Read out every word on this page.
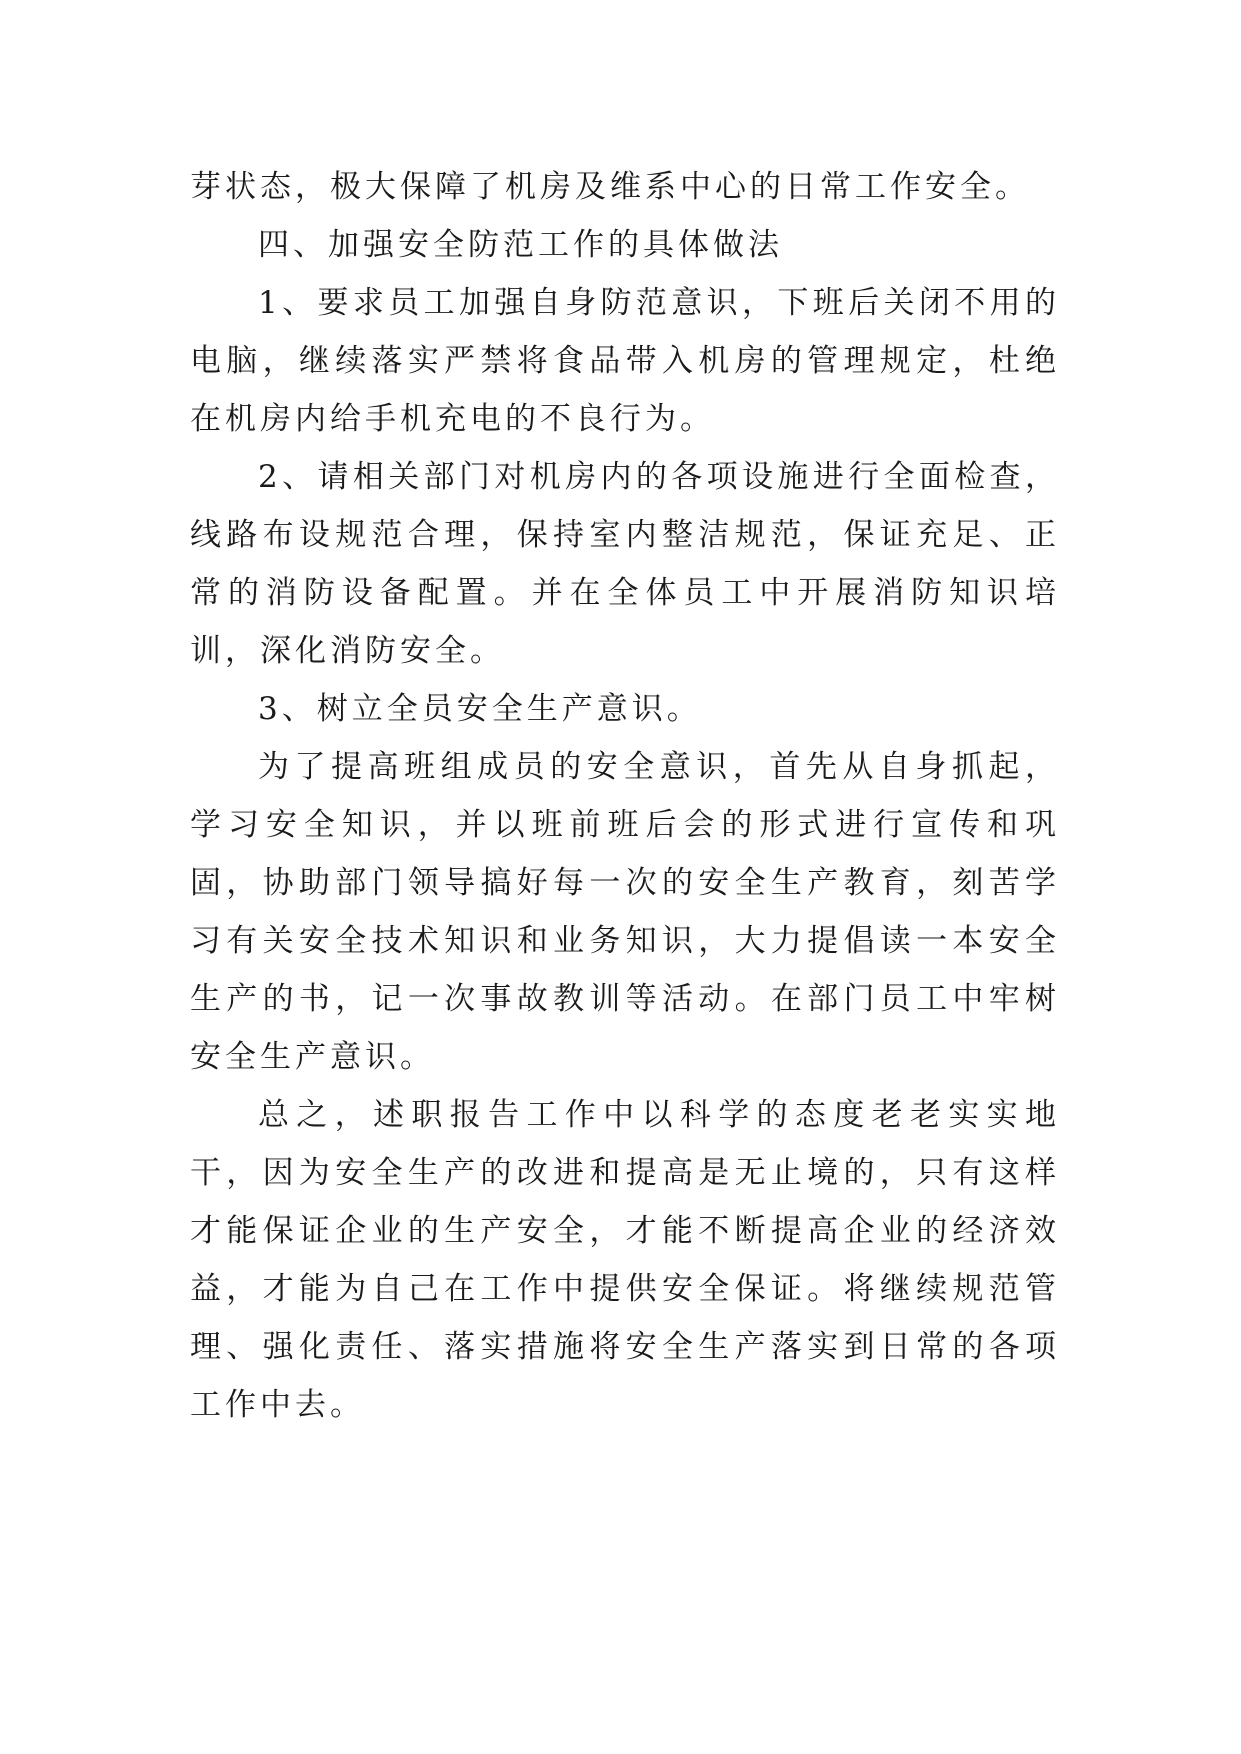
芽状态，极大保障了机房及维系中心的日常工作安全。

四、加强安全防范工作的具体做法

1、要求员工加强自身防范意识，下班后关闭不用的电脑，继续落实严禁将食品带入机房的管理规定，杜绝在机房内给手机充电的不良行为。

2、请相关部门对机房内的各项设施进行全面检查，线路布设规范合理，保持室内整洁规范，保证充足、正常的消防设备配置。并在全体员工中开展消防知识培训，深化消防安全。

3、树立全员安全生产意识。

为了提高班组成员的安全意识，首先从自身抓起，学习安全知识，并以班前班后会的形式进行宣传和巩固，协助部门领导搞好每一次的安全生产教育，刻苦学习有关安全技术知识和业务知识，大力提倡读一本安全生产的书，记一次事故教训等活动。在部门员工中牢树安全生产意识。

总之，述职报告工作中以科学的态度老老实实地干，因为安全生产的改进和提高是无止境的，只有这样才能保证企业的生产安全，才能不断提高企业的经济效益，才能为自己在工作中提供安全保证。将继续规范管理、强化责任、落实措施将安全生产落实到日常的各项工作中去。
